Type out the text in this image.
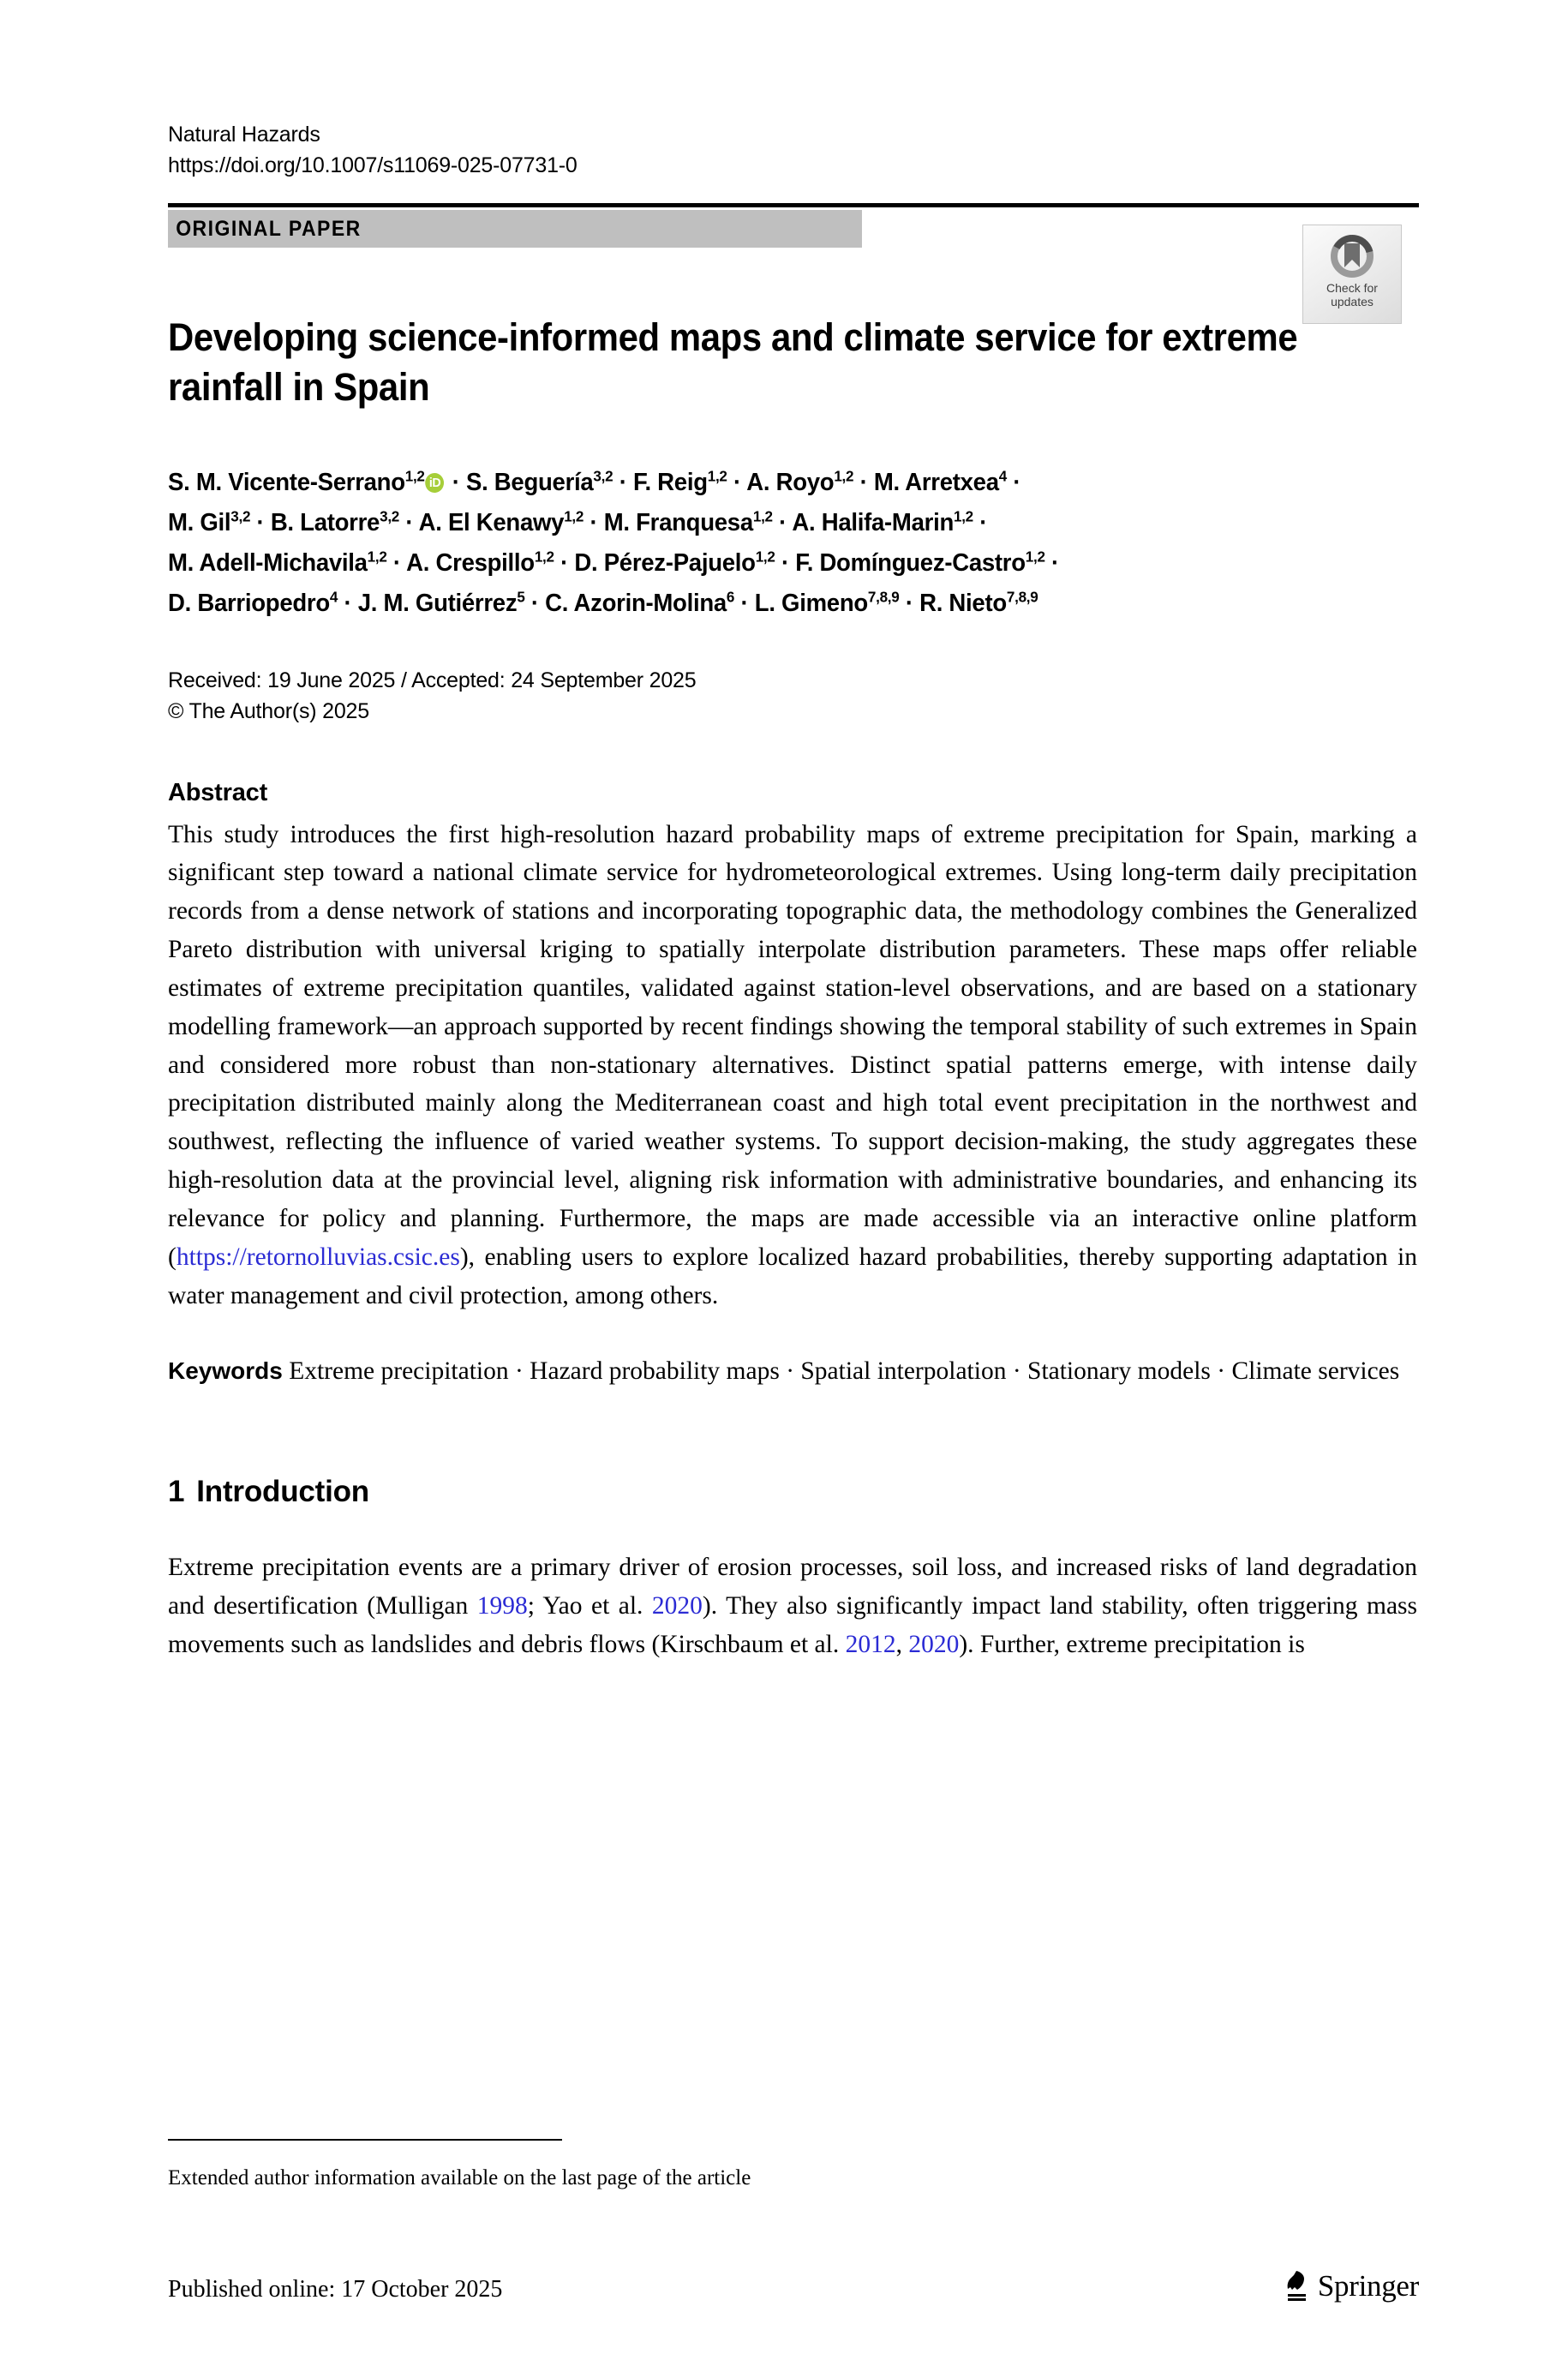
Natural Hazards
https://doi.org/10.1007/s11069-025-07731-0
ORIGINAL PAPER
Developing science-informed maps and climate service for extreme rainfall in Spain
S. M. Vicente-Serrano$^{1,2}$ iD · S. Beguería$^{3,2}$ · F. Reig$^{1,2}$ · A. Royo$^{1,2}$ · M. Arretxea$^4$ ·
M. Gil$^{3,2}$ · B. Latorre$^{3,2}$ · A. El Kenawy$^{1,2}$ · M. Franquesa$^{1,2}$ · A. Halifa-Marin$^{1,2}$ ·
M. Adell-Michavila$^{1,2}$ · A. Crespillo$^{1,2}$ · D. Pérez-Pajuelo$^{1,2}$ · F. Domínguez-Castro$^{1,2}$ ·
D. Barriopedro$^4$ · J. M. Gutiérrez$^5$ · C. Azorin-Molina$^6$ · L. Gimeno$^{7,8,9}$ · R. Nieto$^{7,8,9}$
Received: 19 June 2025 / Accepted: 24 September 2025
© The Author(s) 2025
Abstract

This study introduces the first high-resolution hazard probability maps of extreme precipitation for Spain, marking a significant step toward a national climate service for hydrometeorological extremes. Using long-term daily precipitation records from a dense network of stations and incorporating topographic data, the methodology combines the Generalized Pareto distribution with universal kriging to spatially interpolate distribution parameters. These maps offer reliable estimates of extreme precipitation quantiles, validated against station-level observations, and are based on a stationary modelling framework—an approach supported by recent findings showing the temporal stability of such extremes in Spain and considered more robust than non-stationary alternatives. Distinct spatial patterns emerge, with intense daily precipitation distributed mainly along the Mediterranean coast and high total event precipitation in the northwest and southwest, reflecting the influence of varied weather systems. To support decision-making, the study aggregates these high-resolution data at the provincial level, aligning risk information with administrative boundaries, and enhancing its relevance for policy and planning. Furthermore, the maps are made accessible via an interactive online platform (https://retornolluvias.csic.es), enabling users to explore localized hazard probabilities, thereby supporting adaptation in water management and civil protection, among others.

Keywords Extreme precipitation · Hazard probability maps · Spatial interpolation · Stationary models · Climate services

1 Introduction

Extreme precipitation events are a primary driver of erosion processes, soil loss, and increased risks of land degradation and desertification (Mulligan 1998; Yao et al. 2020). They also significantly impact land stability, often triggering mass movements such as landslides and debris flows (Kirschbaum et al. 2012, 2020). Further, extreme precipitation is

Check for
updates
Extended author information available on the last page of the article
Published online: 17 October 2025	Springer
